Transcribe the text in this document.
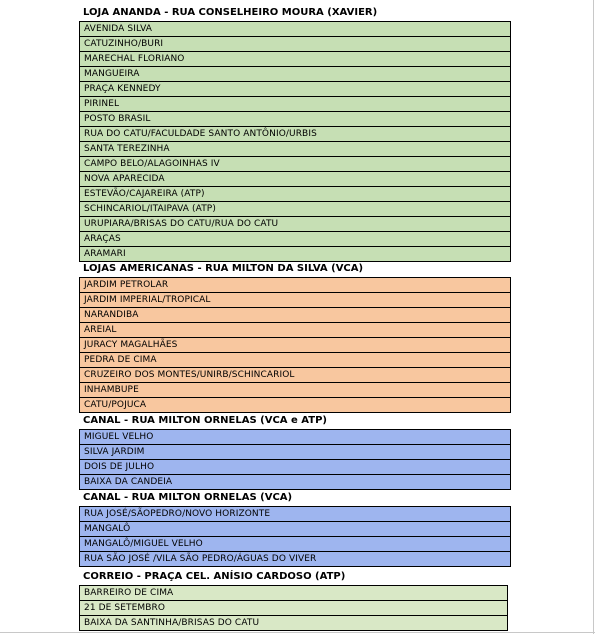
LOJA ANANDA - RUA CONSELHEIRO MOURA (XAVIER)
AVENIDA SILVA
CATUZINHO/BURI
MARECHAL FLORIANO
MANGUEIRA
PRAÇA KENNEDY
PIRINEL
POSTO BRASIL
RUA DO CATU/FACULDADE SANTO ANTÔNIO/URBIS
SANTA TEREZINHA
CAMPO BELO/ALAGOINHAS IV
NOVA APARECIDA
ESTEVÃO/CAJAREIRA (ATP)
SCHINCARIOL/ITAIPAVA (ATP)
URUPIARA/BRISAS DO CATU/RUA DO CATU
ARAÇAS
ARAMARI
LOJAS AMERICANAS - RUA MILTON DA SILVA (VCA)
JARDIM PETROLAR
JARDIM IMPERIAL/TROPICAL
NARANDIBA
AREIAL
JURACY MAGALHÃES
PEDRA DE CIMA
CRUZEIRO DOS MONTES/UNIRB/SCHINCARIOL
INHAMBUPE
CATU/POJUCA
CANAL - RUA MILTON ORNELAS (VCA e ATP)
MIGUEL VELHO
SILVA JARDIM
DOIS DE JULHO
BAIXA DA CANDEIA
CANAL - RUA MILTON ORNELAS (VCA)
RUA JOSÉ/SÃOPEDRO/NOVO HORIZONTE
MANGALÔ
MANGALÔ/MIGUEL VELHO
RUA SÃO JOSÉ /VILA SÃO PEDRO/ÁGUAS DO VIVER
CORREIO - PRAÇA CEL. ANÍSIO CARDOSO (ATP)
BARREIRO DE CIMA
21 DE SETEMBRO
BAIXA DA SANTINHA/BRISAS DO CATU
